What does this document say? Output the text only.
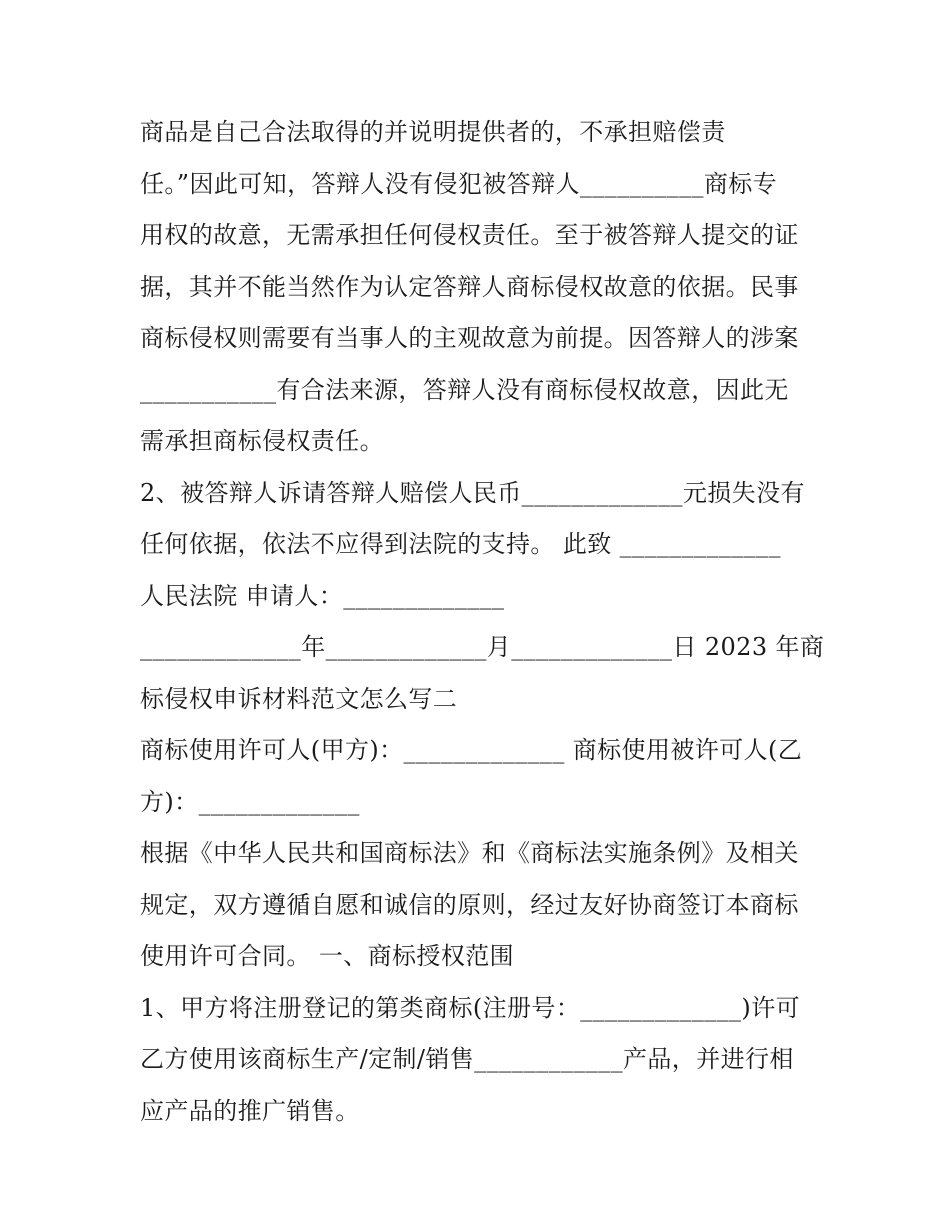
商品是自己合法取得的并说明提供者的，不承担赔偿责
任。”因此可知，答辩人没有侵犯被答辩人__________商标专
用权的故意，无需承担任何侵权责任。至于被答辩人提交的证
据，其并不能当然作为认定答辩人商标侵权故意的依据。民事
商标侵权则需要有当事人的主观故意为前提。因答辩人的涉案
___________有合法来源，答辩人没有商标侵权故意，因此无
需承担商标侵权责任。
2、被答辩人诉请答辩人赔偿人民币_____________元损失没有
任何依据，依法不应得到法院的支持。 此致 _____________
人民法院 申请人：_____________
_____________年_____________月_____________日 2023 年商
标侵权申诉材料范文怎么写二
商标使用许可人(甲方)：_____________ 商标使用被许可人(乙
方)：_____________
根据《中华人民共和国商标法》和《商标法实施条例》及相关
规定，双方遵循自愿和诚信的原则，经过友好协商签订本商标
使用许可合同。 一、商标授权范围
1、甲方将注册登记的第类商标(注册号：_____________)许可
乙方使用该商标生产/定制/销售____________产品，并进行相
应产品的推广销售。
